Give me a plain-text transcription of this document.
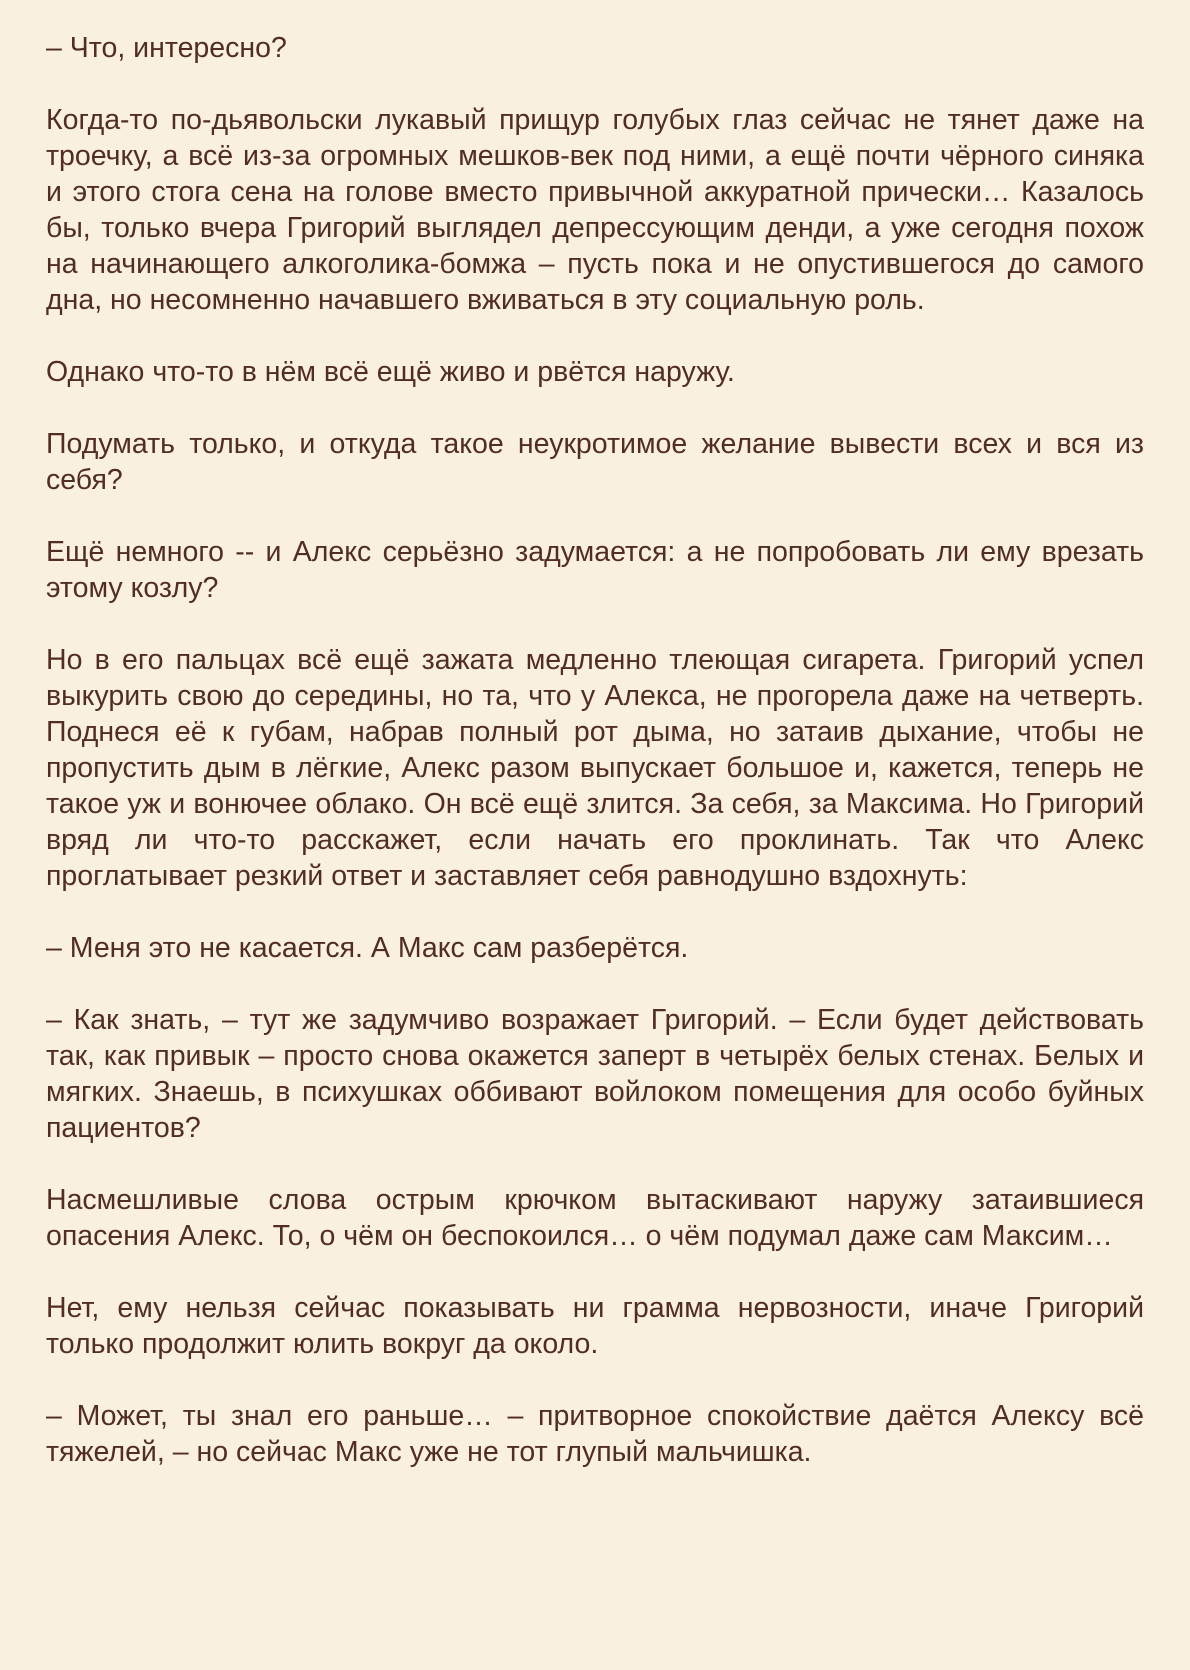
– Что, интересно?

Когда-то по-дьявольски лукавый прищур голубых глаз сейчас не тянет даже на троечку, а всё из-за огромных мешков-век под ними, а ещё почти чёрного синяка и этого стога сена на голове вместо привычной аккуратной прически… Казалось бы, только вчера Григорий выглядел депрессующим денди, а уже сегодня похож на начинающего алкоголика-бомжа – пусть пока и не опустившегося до самого дна, но несомненно начавшего вживаться в эту социальную роль.

Однако что-то в нём всё ещё живо и рвётся наружу.

Подумать только, и откуда такое неукротимое желание вывести всех и вся из себя?

Ещё немного -- и Алекс серьёзно задумается: а не попробовать ли ему врезать этому козлу?

Но в его пальцах всё ещё зажата медленно тлеющая сигарета. Григорий успел выкурить свою до середины, но та, что у Алекса, не прогорела даже на четверть. Поднеся её к губам, набрав полный рот дыма, но затаив дыхание, чтобы не пропустить дым в лёгкие, Алекс разом выпускает большое и, кажется, теперь не такое уж и вонючее облако. Он всё ещё злится. За себя, за Максима. Но Григорий вряд ли что-то расскажет, если начать его проклинать. Так что Алекс проглатывает резкий ответ и заставляет себя равнодушно вздохнуть:

– Меня это не касается. А Макс сам разберётся.

– Как знать, – тут же задумчиво возражает Григорий. – Если будет действовать так, как привык – просто снова окажется заперт в четырёх белых стенах. Белых и мягких. Знаешь, в психушках оббивают войлоком помещения для особо буйных пациентов?

Насмешливые слова острым крючком вытаскивают наружу затаившиеся опасения Алекс. То, о чём он беспокоился… о чём подумал даже сам Максим…

Нет, ему нельзя сейчас показывать ни грамма нервозности, иначе Григорий только продолжит юлить вокруг да около.

– Может, ты знал его раньше… – притворное спокойствие даётся Алексу всё тяжелей, – но сейчас Макс уже не тот глупый мальчишка.
